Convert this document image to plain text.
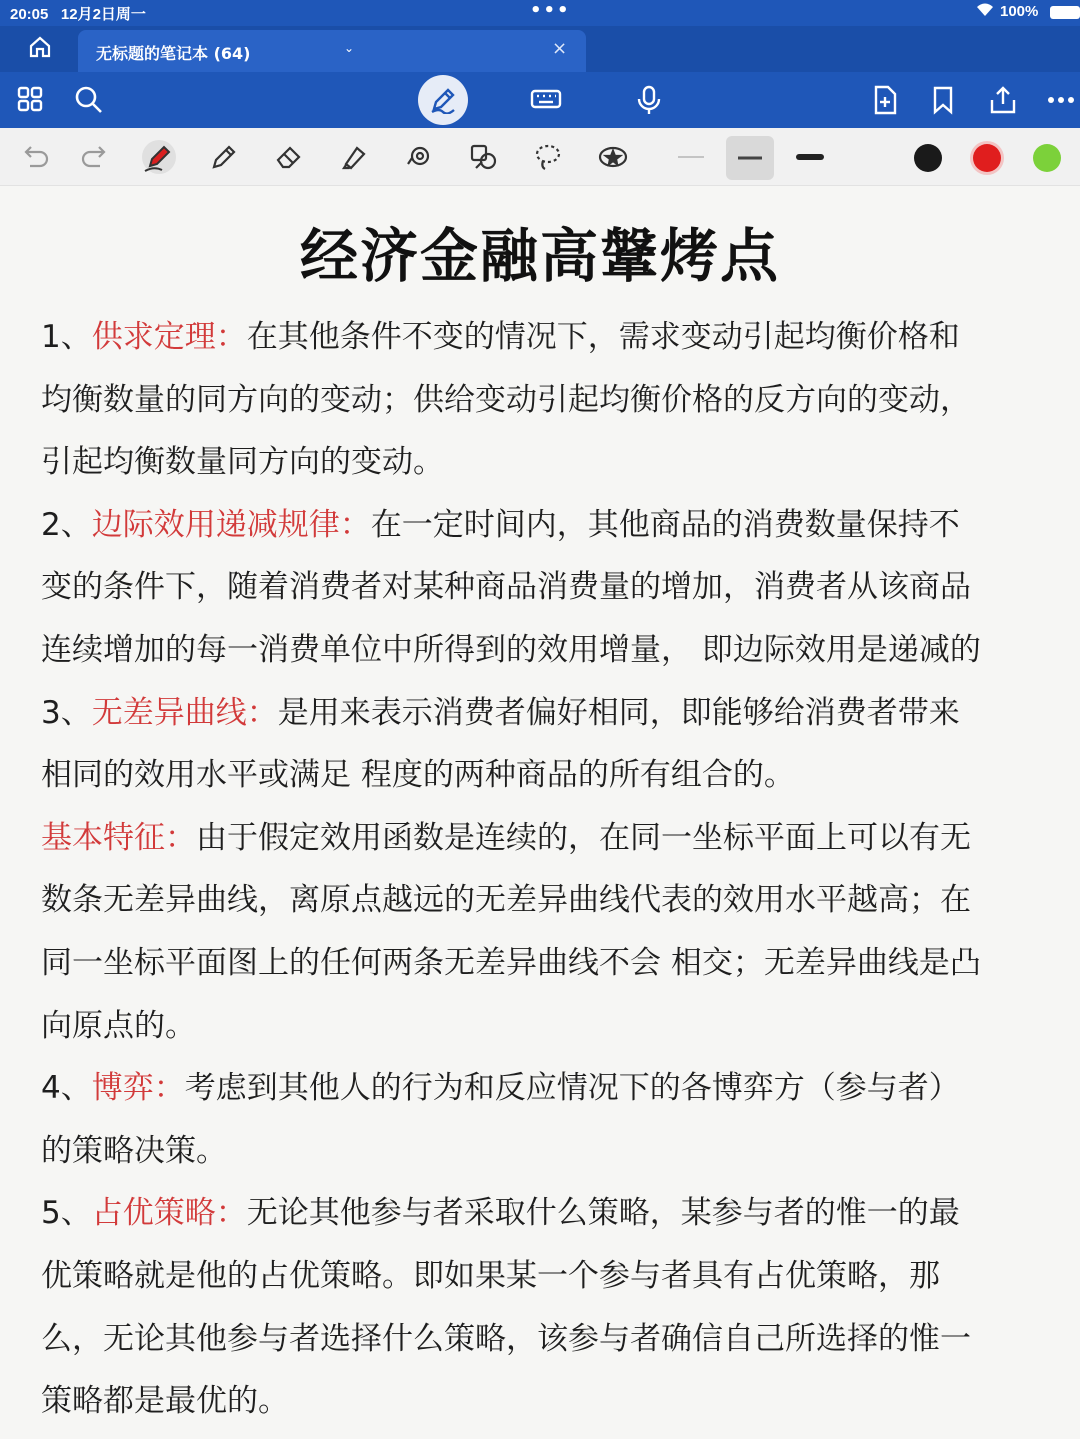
20:05 12月2日周一	•••	100%
无标题的笔记本 (64)	⌄	×
经济金融高鞶烤点
1、供求定理：在其他条件不变的情况下，需求变动引起均衡价格和
均衡数量的同方向的变动；供给变动引起均衡价格的反方向的变动，
引起均衡数量同方向的变动。
2、边际效用递减规律：在一定时间内，其他商品的消费数量保持不
变的条件下，随着消费者对某种商品消费量的增加，消费者从该商品
连续增加的每一消费单位中所得到的效用增量， 即边际效用是递减的
3、无差异曲线：是用来表示消费者偏好相同，即能够给消费者带来
相同的效用水平或满足 程度的两种商品的所有组合的。
基本特征：由于假定效用函数是连续的，在同一坐标平面上可以有无
数条无差异曲线，离原点越远的无差异曲线代表的效用水平越高；在
同一坐标平面图上的任何两条无差异曲线不会 相交；无差异曲线是凸
向原点的。
4、博弈：考虑到其他人的行为和反应情况下的各博弈方（参与者）
的策略决策。
5、占优策略：无论其他参与者采取什么策略，某参与者的惟一的最
优策略就是他的占优策略。即如果某一个参与者具有占优策略，那
么，无论其他参与者选择什么策略，该参与者确信自己所选择的惟一
策略都是最优的。
